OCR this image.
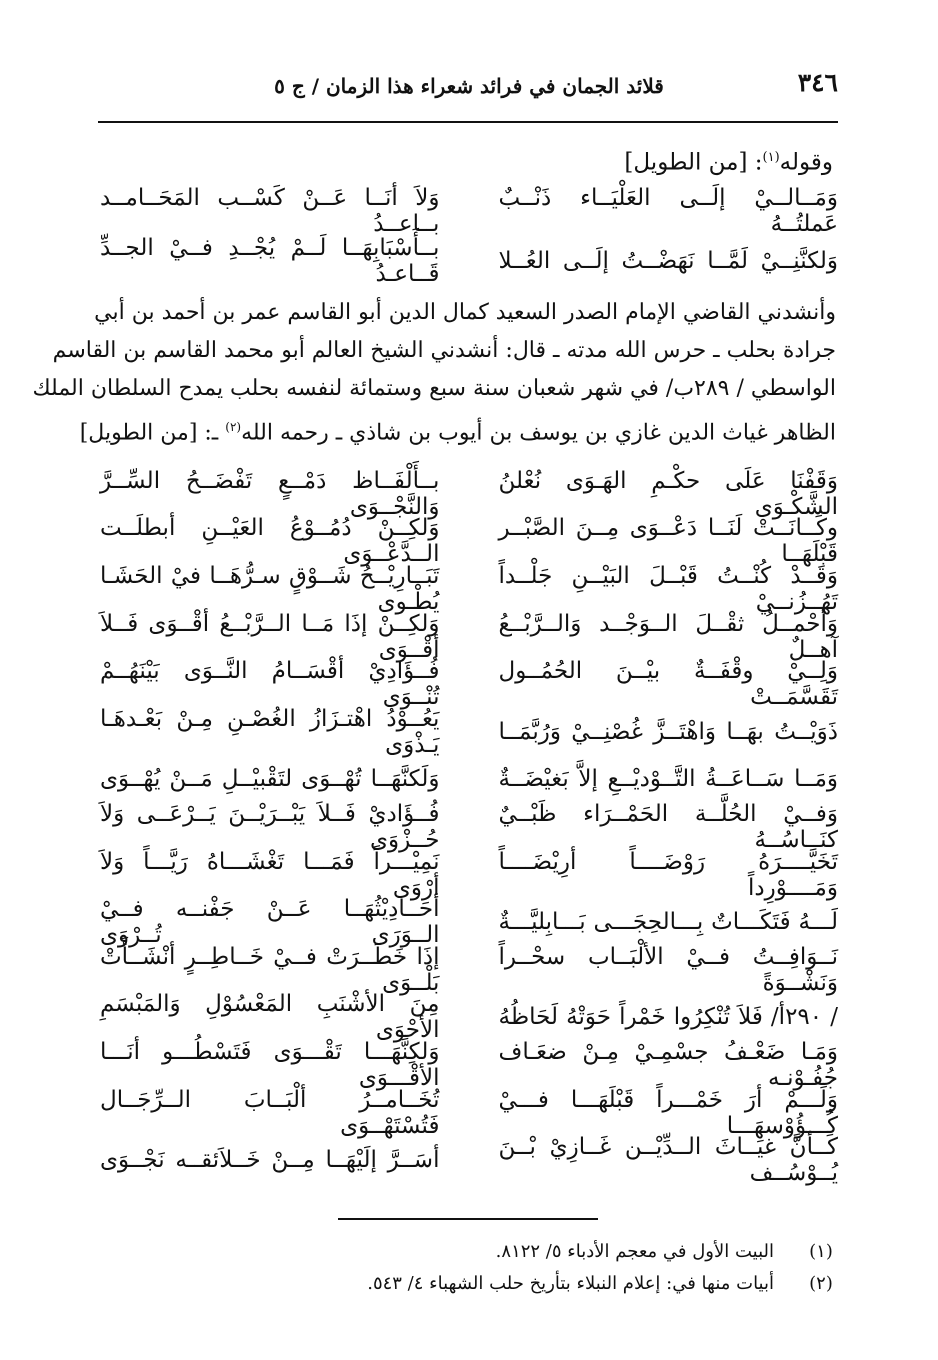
٣٤٦
قلائد الجمان في فرائد شعراء هذا الزمان / ج ٥
وقوله$^{(١)}$: [من الطويل]
وَمَــالــيْ إلَــى العَلْيَــاء ذَنْــبٌ عَملتُــهُ
وَلاَ أنَــا عَــنْ كَسْــب المَحَــامــد بــاعــدُ
وَلكنَّنِــيْ لَمَّــا نَهَضْــتُ إلَــى العُــلا
بــأَسْبَابِهَــا لَــمْ يُجْــدِ فــيْ الجــدِّ قَــاعـدُ
وأنشدني القاضي الإمام الصدر السعيد كمال الدين أبو القاسم عمر بن أحمد بن أبي
جرادة بحلب ـ حرس الله مدته ـ قال: أنشدني الشيخ العالم أبو محمد القاسم بن القاسم
الواسطي / ٢٨٩ب/ في شهر شعبان سنة سبع وستمائة لنفسه بحلب يمدح السلطان الملك
الظاهر غياث الدين غازي بن يوسف بن أيوب بن شاذي ـ رحمه الله$^{(٢)}$ ـ: [من الطويل]
وَقَفْنَا عَلَى حكْـمِ الهَـوَى نُعْلنُ الشَّكْـوَى
بــأَلْفَــاظ دَمْــعٍ تَفْضَــحُ السِّــرَّ وَالنَّجْــوَى
وكَــانَــتْ لَنَــا دَعْــوَى مِــنَ الصَّبْــر قَبْلَهَــا
وَلكِــنْ دُمُــوْعُ العَيْــنِ أبطلَــت الــدَّعْــوَى
وَقَــدْ كُنْــتُ قَبْــلَ البَيْــنِ جَلْــداً تَهُــزُنــيْ
تَبَــارِيْــحُ شَــوْقٍ سـرُّهَــا فيْ الحَشَـا يُطْـوى
وَأحْمــلُ ثقْــلَ الــوَجْــد وَالــرَّبْــعُ آهــلٌ
وَلكِــنْ إذَا مَــا الــرَّبْــعُ أقْــوَى فَــلاَ أقْــوَى
وَلِــيْ وقْفَــةٌ بيْــنَ الحُمُــول تَقَسَّمَــتْ
فُــؤَادِيْ أقْسَــامُ النَّــوَى بَيْنَهُــمْ تُنْــوَى
ذَوَيْــتُ بهَــا وَاهْتَــزَّ غُصْنِــيْ وَرُبَّمَــا
يَعُــوْدُ اهْتـزَازُ الغُصْـنِ مِـنْ بَعْـدهَـا يَـذْوَى
وَمَــا سَــاعَــةُ التَّــوْديْــعِ إلاَّ بَغيْضَــةٌ
وَلَكنَّهَــا تُهْــوَى لتَقْبيْــلِ مَــنْ يُهْــوَى
وَفــيْ الحُلَّــة الحَمْــرَاء ظَبْــيٌ كنَــاسُــهُ
فُــؤَاديْ فَــلاَ يَبْــرَيْــنَ يَــرْعَــى وَلاَ حُــزْوَى
تَخَيَّــــرَهُ رَوْضَــــاً أرِيْضَــــاً وَمَــــوْرِداً
نَمِيْـــراً فَمَـــا تَغْشَـــاهُ رَيَّـــاً وَلاَ أرْوَى
لَـــهُ فَتَكَـــاتٌ بِـــالحِجَـــى بَـــابِليَّـــةٌ
أحَــادِيْثُهَــا عَــنْ جَفْنــه فــيْ الــوَرَى تُــرْوَى
نَــوَافِــتُ فــيْ الألْبَــاب سحْــراً وَنَشْــوَةً
إذَا خَطَــرَتْ فــيْ خَــاطِــرٍ أنْشَــأَتْ بَلْــوَى
/ ٢٩٠أ/ فَلاَ تُنْكِرُوا خَمْراً حَوَتْهُ لَحَاظُهُ
مِنَ الأشْنَبِ المَعْسُوْلِ وَالمَبْسَمِ الأحْوَى
وَمَـا ضَعْـفُ جسْمِـيْ مِـنْ ضعَـاف جُفُـوْنـه
وَلكِنَّهَـــا تَقْـــوَى فَتَسْطُـــو أنَـــا الأقْـــوَى
وَلَـــمْ أرَ خَمْـــراً قَبْلَهَـــا فـــيْ كُـــؤُوْسهَـــا
تُخَــامــرُ ألْبَــابَ الــرِّجَــال فَتُسْتَهْــوَى
كَــأنَّ غيَــاثَ الــدِّيْــن غَــازِيْ بْــنَ يُــوْسُــف
أسَــرَّ إلَيْهَــا مِــنْ خَــلاَئقــه نَجْــوَى
(١)
البيت الأول في معجم الأدباء ٥/ ٨١٢٢.
(٢)
أبيات منها في: إعلام النبلاء بتأريخ حلب الشهباء ٤/ ٥٤٣.
